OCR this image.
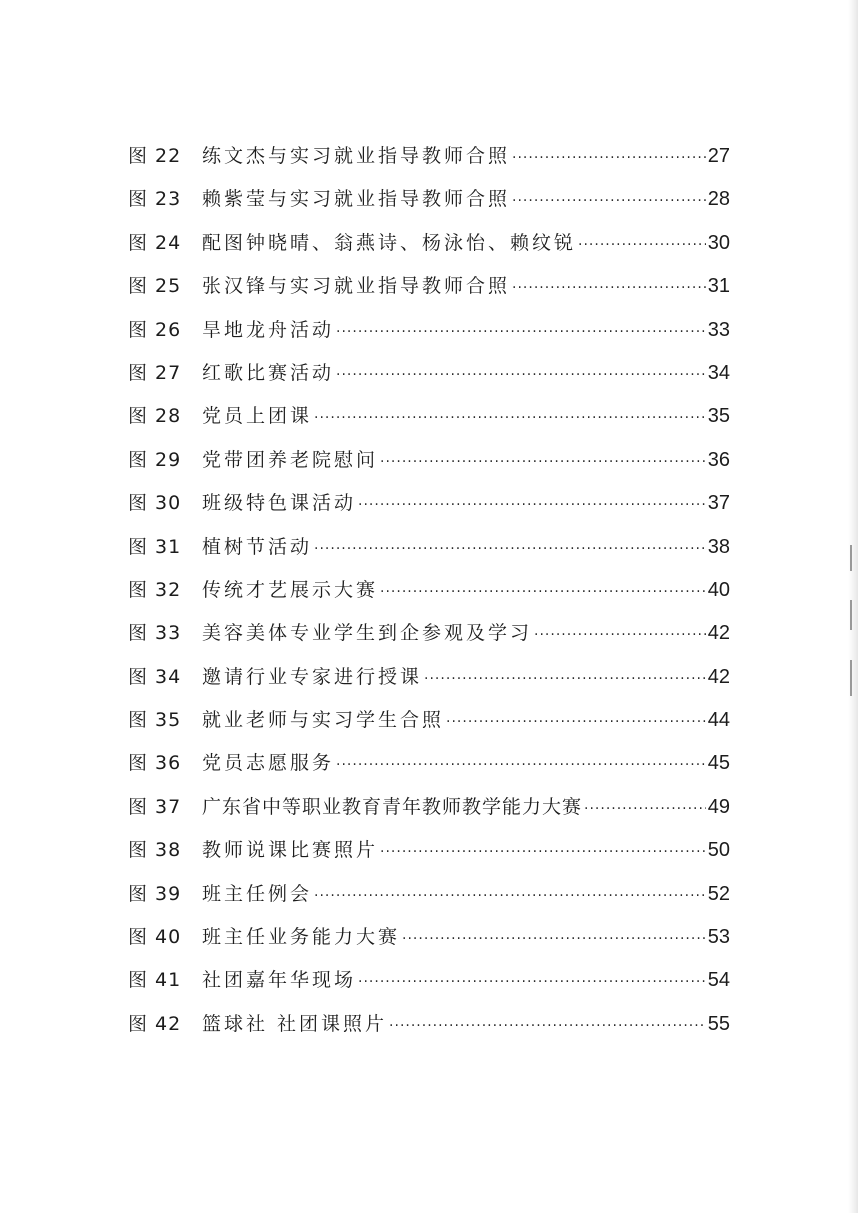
图 22	练文杰与实习就业指导教师合照 ·····	27
图 23	赖紫莹与实习就业指导教师合照 ·····	28
图 24	配图钟晓晴、翁燕诗、杨泳怡、赖纹锐 ·····	30
图 25	张汉锋与实习就业指导教师合照 ·····	31
图 26	旱地龙舟活动 ·····	33
图 27	红歌比赛活动 ·····	34
图 28	党员上团课 ·····	35
图 29	党带团养老院慰问 ·····	36
图 30	班级特色课活动 ·····	37
图 31	植树节活动 ·····	38
图 32	传统才艺展示大赛 ·····	40
图 33	美容美体专业学生到企参观及学习 ·····	42
图 34	邀请行业专家进行授课 ·····	42
图 35	就业老师与实习学生合照 ·····	44
图 36	党员志愿服务 ·····	45
图 37	广东省中等职业教育青年教师教学能力大赛 ·····	49
图 38	教师说课比赛照片 ·····	50
图 39	班主任例会 ·····	52
图 40	班主任业务能力大赛 ·····	53
图 41	社团嘉年华现场 ·····	54
图 42	篮球社 社团课照片 ·····	55
